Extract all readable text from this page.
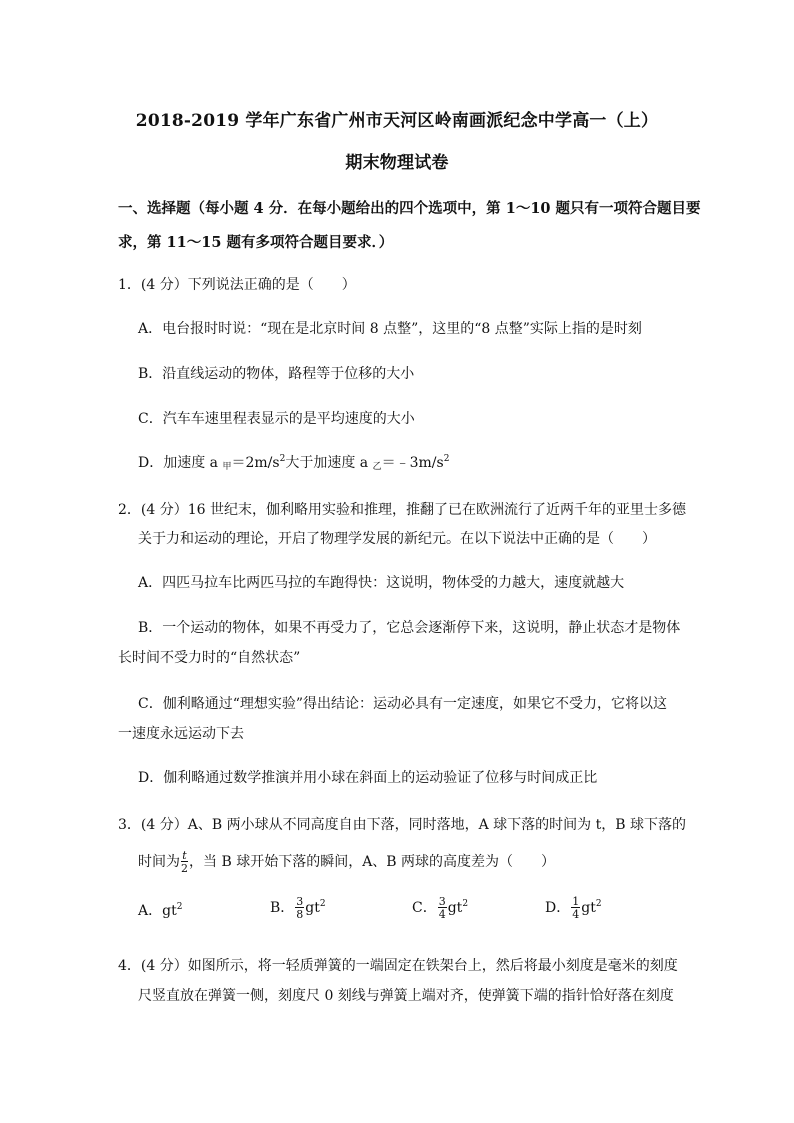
2018-2019 学年广东省广州市天河区岭南画派纪念中学高一（上）
期末物理试卷
一、选择题（每小题 4 分．在每小题给出的四个选项中，第 1～10 题只有一项符合题目要
求，第 11～15 题有多项符合题目要求．）
1．(4 分）下列说法正确的是（　　）
A．电台报时时说：“现在是北京时间 8 点整”，这里的“8 点整”实际上指的是时刻
B．沿直线运动的物体，路程等于位移的大小
C．汽车车速里程表显示的是平均速度的大小
D．加速度 a $_甲=2m/s^2$大于加速度 a $_乙=﹣3m/s^2$
2．(4 分）16 世纪末，伽利略用实验和推理，推翻了已在欧洲流行了近两千年的亚里士多德
关于力和运动的理论，开启了物理学发展的新纪元。在以下说法中正确的是（　　）
A．四匹马拉车比两匹马拉的车跑得快：这说明，物体受的力越大，速度就越大
B．一个运动的物体，如果不再受力了，它总会逐渐停下来，这说明，静止状态才是物体
长时间不受力时的“自然状态”
C．伽利略通过“理想实验”得出结论：运动必具有一定速度，如果它不受力，它将以这
一速度永远运动下去
D．伽利略通过数学推演并用小球在斜面上的运动验证了位移与时间成正比
3．(4 分）A、B 两小球从不同高度自由下落，同时落地，A 球下落的时间为 t，B 球下落的
时间为 $\frac{t}{2}$ ，当 B 球开始下落的瞬间，A、B 两球的高度差为（　　）
A．$gt^2$	B． $\frac{3}{8} gt^2$	C． $\frac{3}{4} gt^2$	D． $\frac{1}{4} gt^2$
4．(4 分）如图所示，将一轻质弹簧的一端固定在铁架台上，然后将最小刻度是毫米的刻度
尺竖直放在弹簧一侧，刻度尺 0 刻线与弹簧上端对齐，使弹簧下端的指针恰好落在刻度
